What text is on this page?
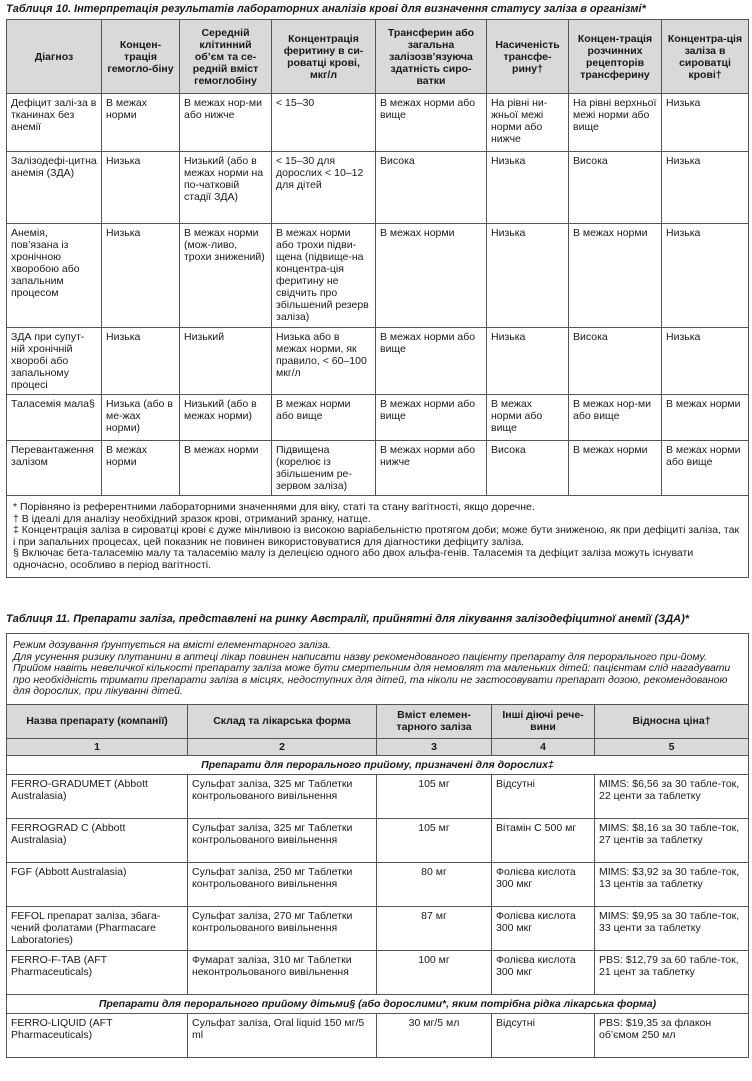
Таблиця 10. Інтерпретація результатів лабораторних аналізів крові для визначення статусу заліза в організмі*
Діагноз	Концен-трація гемогло-біну	Середній клітинний об’єм та се-редній вміст гемоглобіну	Концентрація феритину в си-роватці крові, мкг/л	Трансферин або загальна залізозв’язуюча здатність сиро-ватки	Насиченість трансфе-рину†	Концен-трація розчинних рецепторів трансферину	Концентра-ція заліза в сироватці крові†
Дефіцит залі-за в тканинах без анемії	В межах норми	В межах нор-ми або нижче	< 15–30	В межах норми або вище	На рівні ни-жньої межі норми або нижче	На рівні верхньої межі норми або вище	Низька
Залізодефі-цитна анемія (ЗДА)	Низька	Низький (або в межах норми на по-чатковій стадії ЗДА)	< 15–30 для дорослих < 10–12 для дітей	Висока	Низька	Висока	Низька
Анемія, пов’язана із хронічною хворобою або запальним процесом	Низька	В межах норми (мож-ливо, трохи знижений)	В межах норми або трохи підви-щена (підвище-на концентра-ція феритину не свідчить про збільшений резерв заліза)	В межах норми	Низька	В межах норми	Низька
ЗДА при супут-ній хронічній хворобі або запальному процесі	Низька	Низький	Низька або в межах норми, як правило, < 60–100 мкг/л	В межах норми або вище	Низька	Висока	Низька
Таласемія мала§	Низька (або в ме-жах норми)	Низький (або в межах норми)	В межах норми або вище	В межах норми або вище	В межах норми або вище	В межах нор-ми або вище	В межах норми
Перевантаження залізом	В межах норми	В межах норми	Підвищена (корелює із збільшеним ре-зервом заліза)	В межах норми або нижче	Висока	В межах норми	В межах норми або вище

* Порівняно із референтними лабораторними значеннями для віку, статі та стану вагітності, якщо доречне.

† В ідеалі для аналізу необхідний зразок крові, отриманий зранку, натще.

‡ Концентрація заліза в сироватці крові є дуже мінливою із високою варіабельністю протягом доби; може бути зниженою, як при дефіциті заліза, так і при запальних процесах, цей показник не повинен використовуватися для діагностики дефіциту заліза.

§ Включає бета-таласемію малу та таласемію малу із делецією одного або двох альфа-генів. Таласемія та дефіцит заліза можуть існувати одночасно, особливо в період вагітності.							

Таблиця 11. Препарати заліза, представлені на ринку Австралії, прийнятні для лікування залізодефіцитної анемії (ЗДА)*

Режим дозування ґрунтується на вмісті елементарного заліза.

Для усунення ризику плутанини в аптеці лікар повинен написати назву рекомендованого пацієнту препарату для перорального при-йому. Прийом навіть невеличкої кількості препарату заліза може бути смертельним для немовлят та маленьких дітей: пацієнтам слід нагадувати про необхідність тримати препарати заліза в місцях, недоступних для дітей, та ніколи не застосовувати препарат дозою, рекомендованою для дорослих, при лікуванні дітей.				

Назва препарату (компанії)	Склад та лікарська форма	Вміст елемен-тарного заліза	Інші діючі рече-вини	Відносна ціна†
1	2	3	4	5
Препарати для перорального прийому, призначені для дорослих‡				
FERRO-GRADUMET (Abbott Australasia)	Сульфат заліза, 325 мг Таблетки контрольованого вивільнення	105 мг	Відсутні	MIMS: $6,56 за 30 табле-ток, 22 центи за таблетку
FERROGRAD C (Abbott Australasia)	Сульфат заліза, 325 мг Таблетки контрольованого вивільнення	105 мг	Вітамін С 500 мг	MIMS: $8,16 за 30 табле-ток, 27 центів за таблетку
FGF (Abbott Australasia)	Сульфат заліза, 250 мг Таблетки контрольованого вивільнення	80 мг	Фолієва кислота 300 мкг	MIMS: $3,92 за 30 табле-ток, 13 центів за таблетку
FEFOL препарат заліза, збага-чений фолатами (Pharmacare Laboratories)	Сульфат заліза, 270 мг Таблетки контрольованого вивільнення	87 мг	Фолієва кислота 300 мкг	MIMS: $9,95 за 30 табле-ток, 33 центи за таблетку
FERRO-F-TAB (AFT Pharmaceuticals)	Фумарат заліза, 310 мг Таблетки неконтрольованого вивільнення	100 мг	Фолієва кислота 300 мкг	PBS: $12,79 за 60 табле-ток, 21 цент за таблетку
Препарати для перорального прийому дітьми§ (або дорослими*, яким потрібна рідка лікарська форма)				
FERRO-LIQUID (AFT Pharmaceuticals)	Сульфат заліза, Oral liquid 150 мг/5 ml	30 мг/5 мл	Відсутні	PBS: $19,35 за флакон об’ємом 250 мл
